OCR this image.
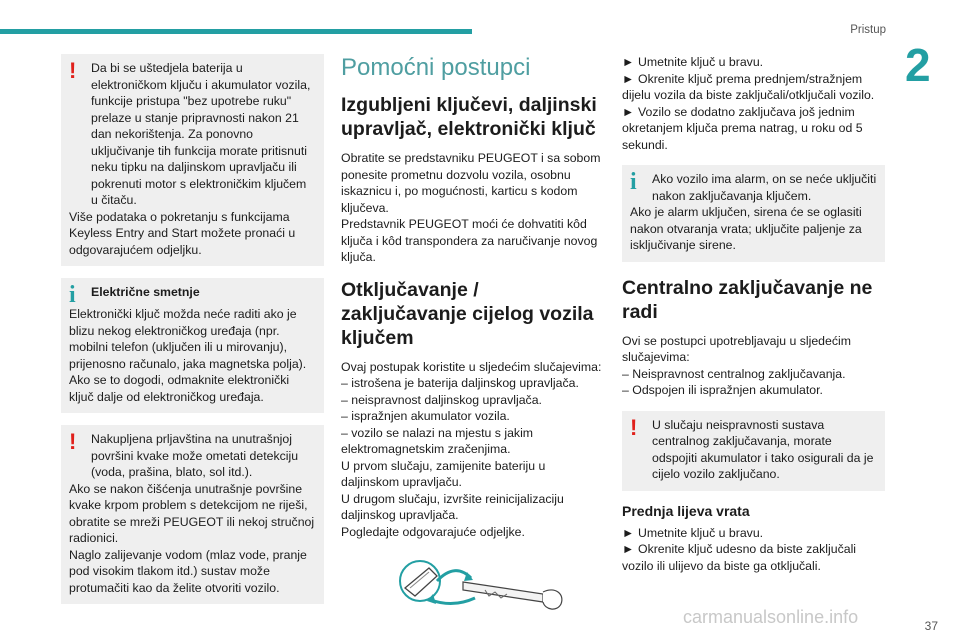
Pristup
2
!	Da bi se uštedjela baterija u elektroničkom ključu i akumulator vozila, funkcije pristupa "bez upotrebe ruku" prelaze u stanje pripravnosti nakon 21 dan nekorištenja. Za ponovno uključivanje tih funkcija morate pritisnuti neku tipku na daljinskom upravljaču ili pokrenuti motor s elektroničkim ključem u čitaču.

Više podataka o pokretanju s funkcijama Keyless Entry and Start možete pronaći u odgovarajućem odjeljku.

i	Električne smetnje

Elektronički ključ možda neće raditi ako je blizu nekog elektroničkog uređaja (npr. mobilni telefon (uključen ili u mirovanju), prijenosno računalo, jaka magnetska polja). Ako se to dogodi, odmaknite elektronički ključ dalje od elektroničkog uređaja.

!	Nakupljena prljavština na unutrašnjoj površini kvake može ometati detekciju (voda, prašina, blato, sol itd.).

Ako se nakon čišćenja unutrašnje površine kvake krpom problem s detekcijom ne riješi, obratite se mreži PEUGEOT ili nekoj stručnoj radionici.

Naglo zalijevanje vodom (mlaz vode, pranje pod visokim tlakom itd.) sustav može protumačiti kao da želite otvoriti vozilo.

Pomoćni postupci
Izgubljeni ključevi, daljinski upravljač, elektronički ključ
Obratite se predstavniku PEUGEOT i sa sobom ponesite prometnu dozvolu vozila, osobnu iskaznicu i, po mogućnosti, karticu s kodom ključeva.
Predstavnik PEUGEOT moći će dohvatiti kôd ključa i kôd transpondera za naručivanje novog ključa.
Otključavanje / zaključavanje cijelog vozila ključem
Ovaj postupak koristite u sljedećim slučajevima:
– istrošena je baterija daljinskog upravljača.
– neispravnost daljinskog upravljača.
– ispražnjen akumulator vozila.
– vozilo se nalazi na mjestu s jakim elektromagnetskim zračenjima.
U prvom slučaju, zamijenite bateriju u daljinskom upravljaču.
U drugom slučaju, izvršite reinicijalizaciju daljinskog upravljača.
Pogledajte odgovarajuće odjeljke.
► Umetnite ključ u bravu.
► Okrenite ključ prema prednjem/stražnjem dijelu vozila da biste zaključali/otključali vozilo.
► Vozilo se dodatno zaključava još jednim okretanjem ključa prema natrag, u roku od 5 sekundi.
i	Ako vozilo ima alarm, on se neće uključiti nakon zaključavanja ključem.

Ako je alarm uključen, sirena će se oglasiti nakon otvaranja vrata; uključite paljenje za isključivanje sirene.

Centralno zaključavanje ne radi
Ovi se postupci upotrebljavaju u sljedećim slučajevima:
– Neispravnost centralnog zaključavanja.
– Odspojen ili ispražnjen akumulator.
!	U slučaju neispravnosti sustava centralnog zaključavanja, morate odspojiti akumulator i tako osigurali da je cijelo vozilo zaključano.

Prednja lijeva vrata
► Umetnite ključ u bravu.
► Okrenite ključ udesno da biste zaključali vozilo ili ulijevo da biste ga otključali.
carmanualsonline.info	37
